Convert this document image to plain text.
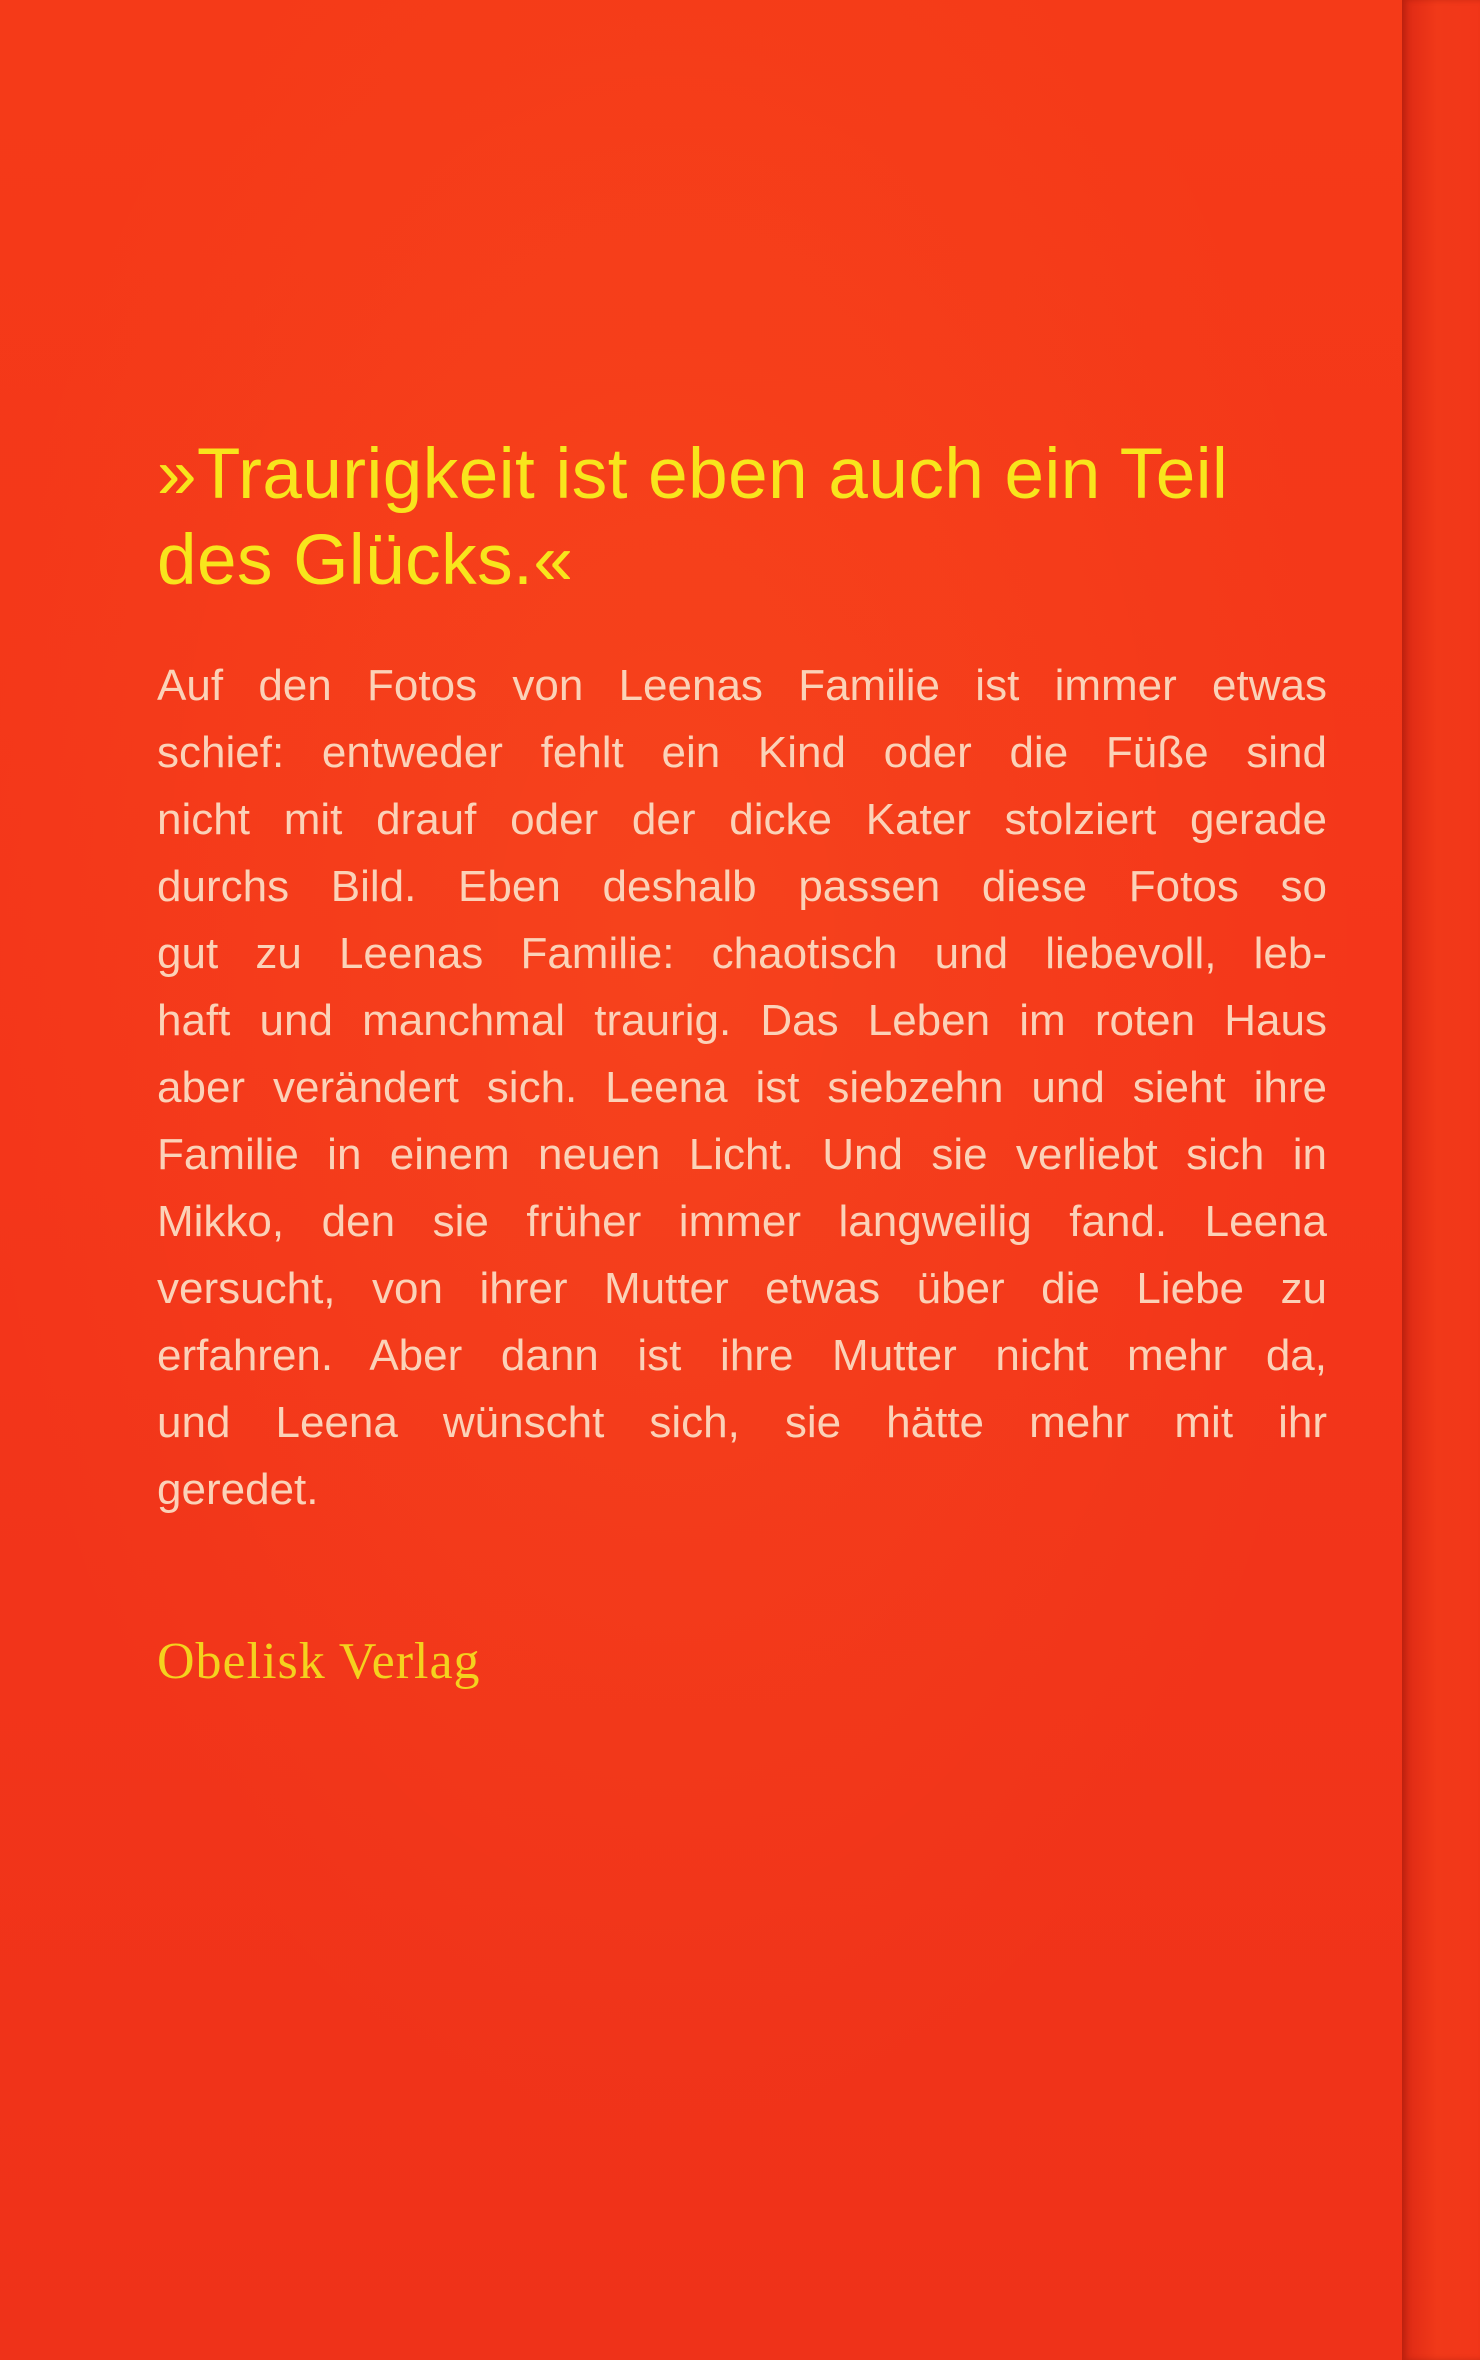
»Traurigkeit ist eben auch ein Teil
des Glücks.«
Auf den Fotos von Leenas Familie ist immer etwas
schief: entweder fehlt ein Kind oder die Füße sind
nicht mit drauf oder der dicke Kater stolziert gerade
durchs Bild. Eben deshalb passen diese Fotos so
gut zu Leenas Familie: chaotisch und liebevoll, leb-
haft und manchmal traurig. Das Leben im roten Haus
aber verändert sich. Leena ist siebzehn und sieht ihre
Familie in einem neuen Licht. Und sie verliebt sich in
Mikko, den sie früher immer langweilig fand. Leena
versucht, von ihrer Mutter etwas über die Liebe zu
erfahren. Aber dann ist ihre Mutter nicht mehr da,
und Leena wünscht sich, sie hätte mehr mit ihr
geredet.
Obelisk Verlag
